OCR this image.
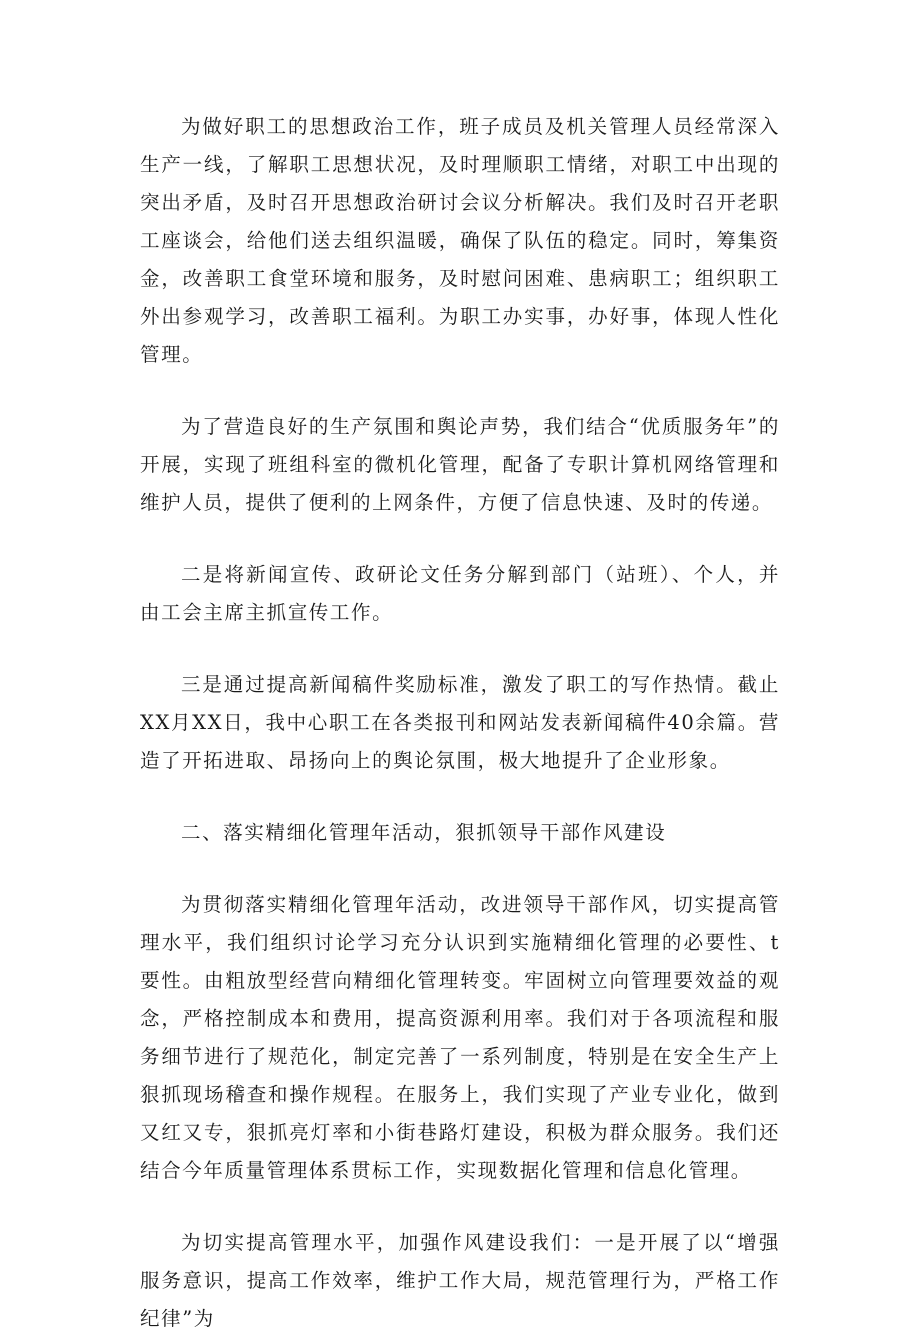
为做好职工的思想政治工作，班子成员及机关管理人员经常深入生产一线，了解职工思想状况，及时理顺职工情绪，对职工中出现的突出矛盾，及时召开思想政治研讨会议分析解决。我们及时召开老职工座谈会，给他们送去组织温暖，确保了队伍的稳定。同时，筹集资金，改善职工食堂环境和服务，及时慰问困难、患病职工；组织职工外出参观学习，改善职工福利。为职工办实事，办好事，体现人性化管理。

为了营造良好的生产氛围和舆论声势，我们结合“优质服务年”的开展，实现了班组科室的微机化管理，配备了专职计算机网络管理和维护人员，提供了便利的上网条件，方便了信息快速、及时的传递。

二是将新闻宣传、政研论文任务分解到部门（站班）、个人，并由工会主席主抓宣传工作。

三是通过提高新闻稿件奖励标准，激发了职工的写作热情。截止XX月XX日，我中心职工在各类报刊和网站发表新闻稿件40余篇。营造了开拓进取、昂扬向上的舆论氛围，极大地提升了企业形象。

二、落实精细化管理年活动，狠抓领导干部作风建设

为贯彻落实精细化管理年活动，改进领导干部作风，切实提高管理水平，我们组织讨论学习充分认识到实施精细化管理的必要性、t要性。由粗放型经营向精细化管理转变。牢固树立向管理要效益的观念，严格控制成本和费用，提高资源利用率。我们对于各项流程和服务细节进行了规范化，制定完善了一系列制度，特别是在安全生产上狠抓现场稽查和操作规程。在服务上，我们实现了产业专业化，做到又红又专，狠抓亮灯率和小街巷路灯建设，积极为群众服务。我们还结合今年质量管理体系贯标工作，实现数据化管理和信息化管理。

为切实提高管理水平，加强作风建设我们：一是开展了以“增强服务意识，提高工作效率，维护工作大局，规范管理行为，严格工作纪律”为
